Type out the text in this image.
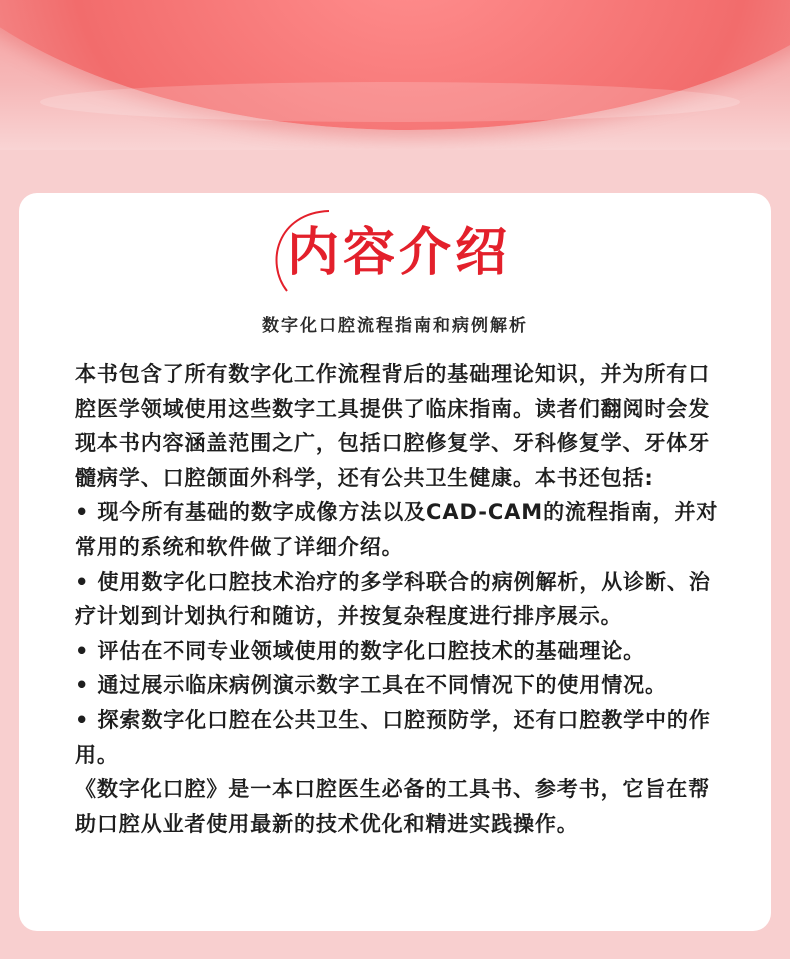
内容介绍
数字化口腔流程指南和病例解析

本书包含了所有数字化工作流程背后的基础理论知识，并为所有口腔医学领域使用这些数字工具提供了临床指南。读者们翻阅时会发现本书内容涵盖范围之广，包括口腔修复学、牙科修复学、牙体牙髓病学、口腔颌面外科学，还有公共卫生健康。本书还包括:

• 现今所有基础的数字成像方法以及CAD-CAM的流程指南，并对常用的系统和软件做了详细介绍。

• 使用数字化口腔技术治疗的多学科联合的病例解析，从诊断、治疗计划到计划执行和随访，并按复杂程度进行排序展示。

• 评估在不同专业领域使用的数字化口腔技术的基础理论。

• 通过展示临床病例演示数字工具在不同情况下的使用情况。

• 探索数字化口腔在公共卫生、口腔预防学，还有口腔教学中的作用。

《数字化口腔》是一本口腔医生必备的工具书、参考书，它旨在帮助口腔从业者使用最新的技术优化和精进实践操作。
